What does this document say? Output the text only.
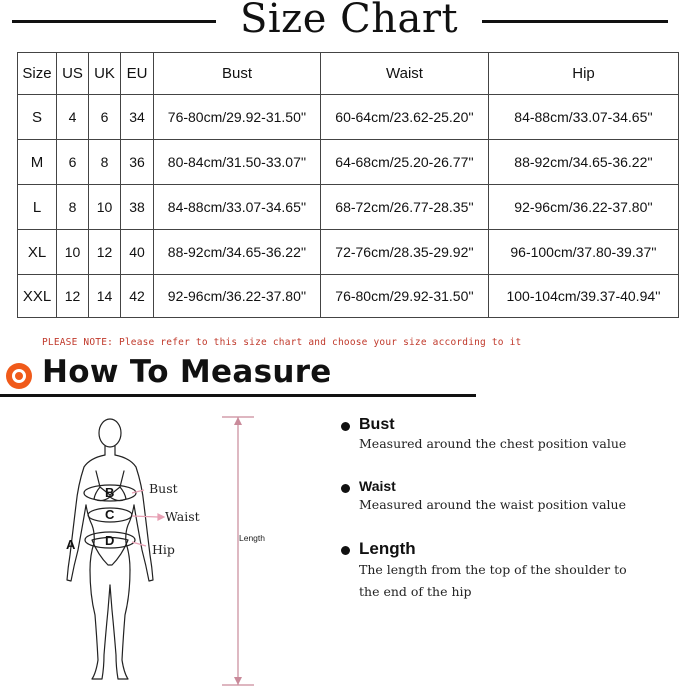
Size Chart
Size	US	UK	EU	Bust	Waist	Hip
S	4	6	34	76-80cm/29.92-31.50''	60-64cm/23.62-25.20''	84-88cm/33.07-34.65''
M	6	8	36	80-84cm/31.50-33.07''	64-68cm/25.20-26.77''	88-92cm/34.65-36.22''
L	8	10	38	84-88cm/33.07-34.65''	68-72cm/26.77-28.35''	92-96cm/36.22-37.80''
XL	10	12	40	88-92cm/34.65-36.22''	72-76cm/28.35-29.92''	96-100cm/37.80-39.37''
XXL	12	14	42	92-96cm/36.22-37.80''	76-80cm/29.92-31.50''	100-104cm/39.37-40.94''
PLEASE NOTE: Please refer to this size chart and choose your size according to it
How To Measure
A
B
C
D
Bust
Waist
Hip
Length
Bust
Measured around the chest position value
Waist
Measured around the waist position value
Length
The length from the top of the shoulder to the end of the hip
